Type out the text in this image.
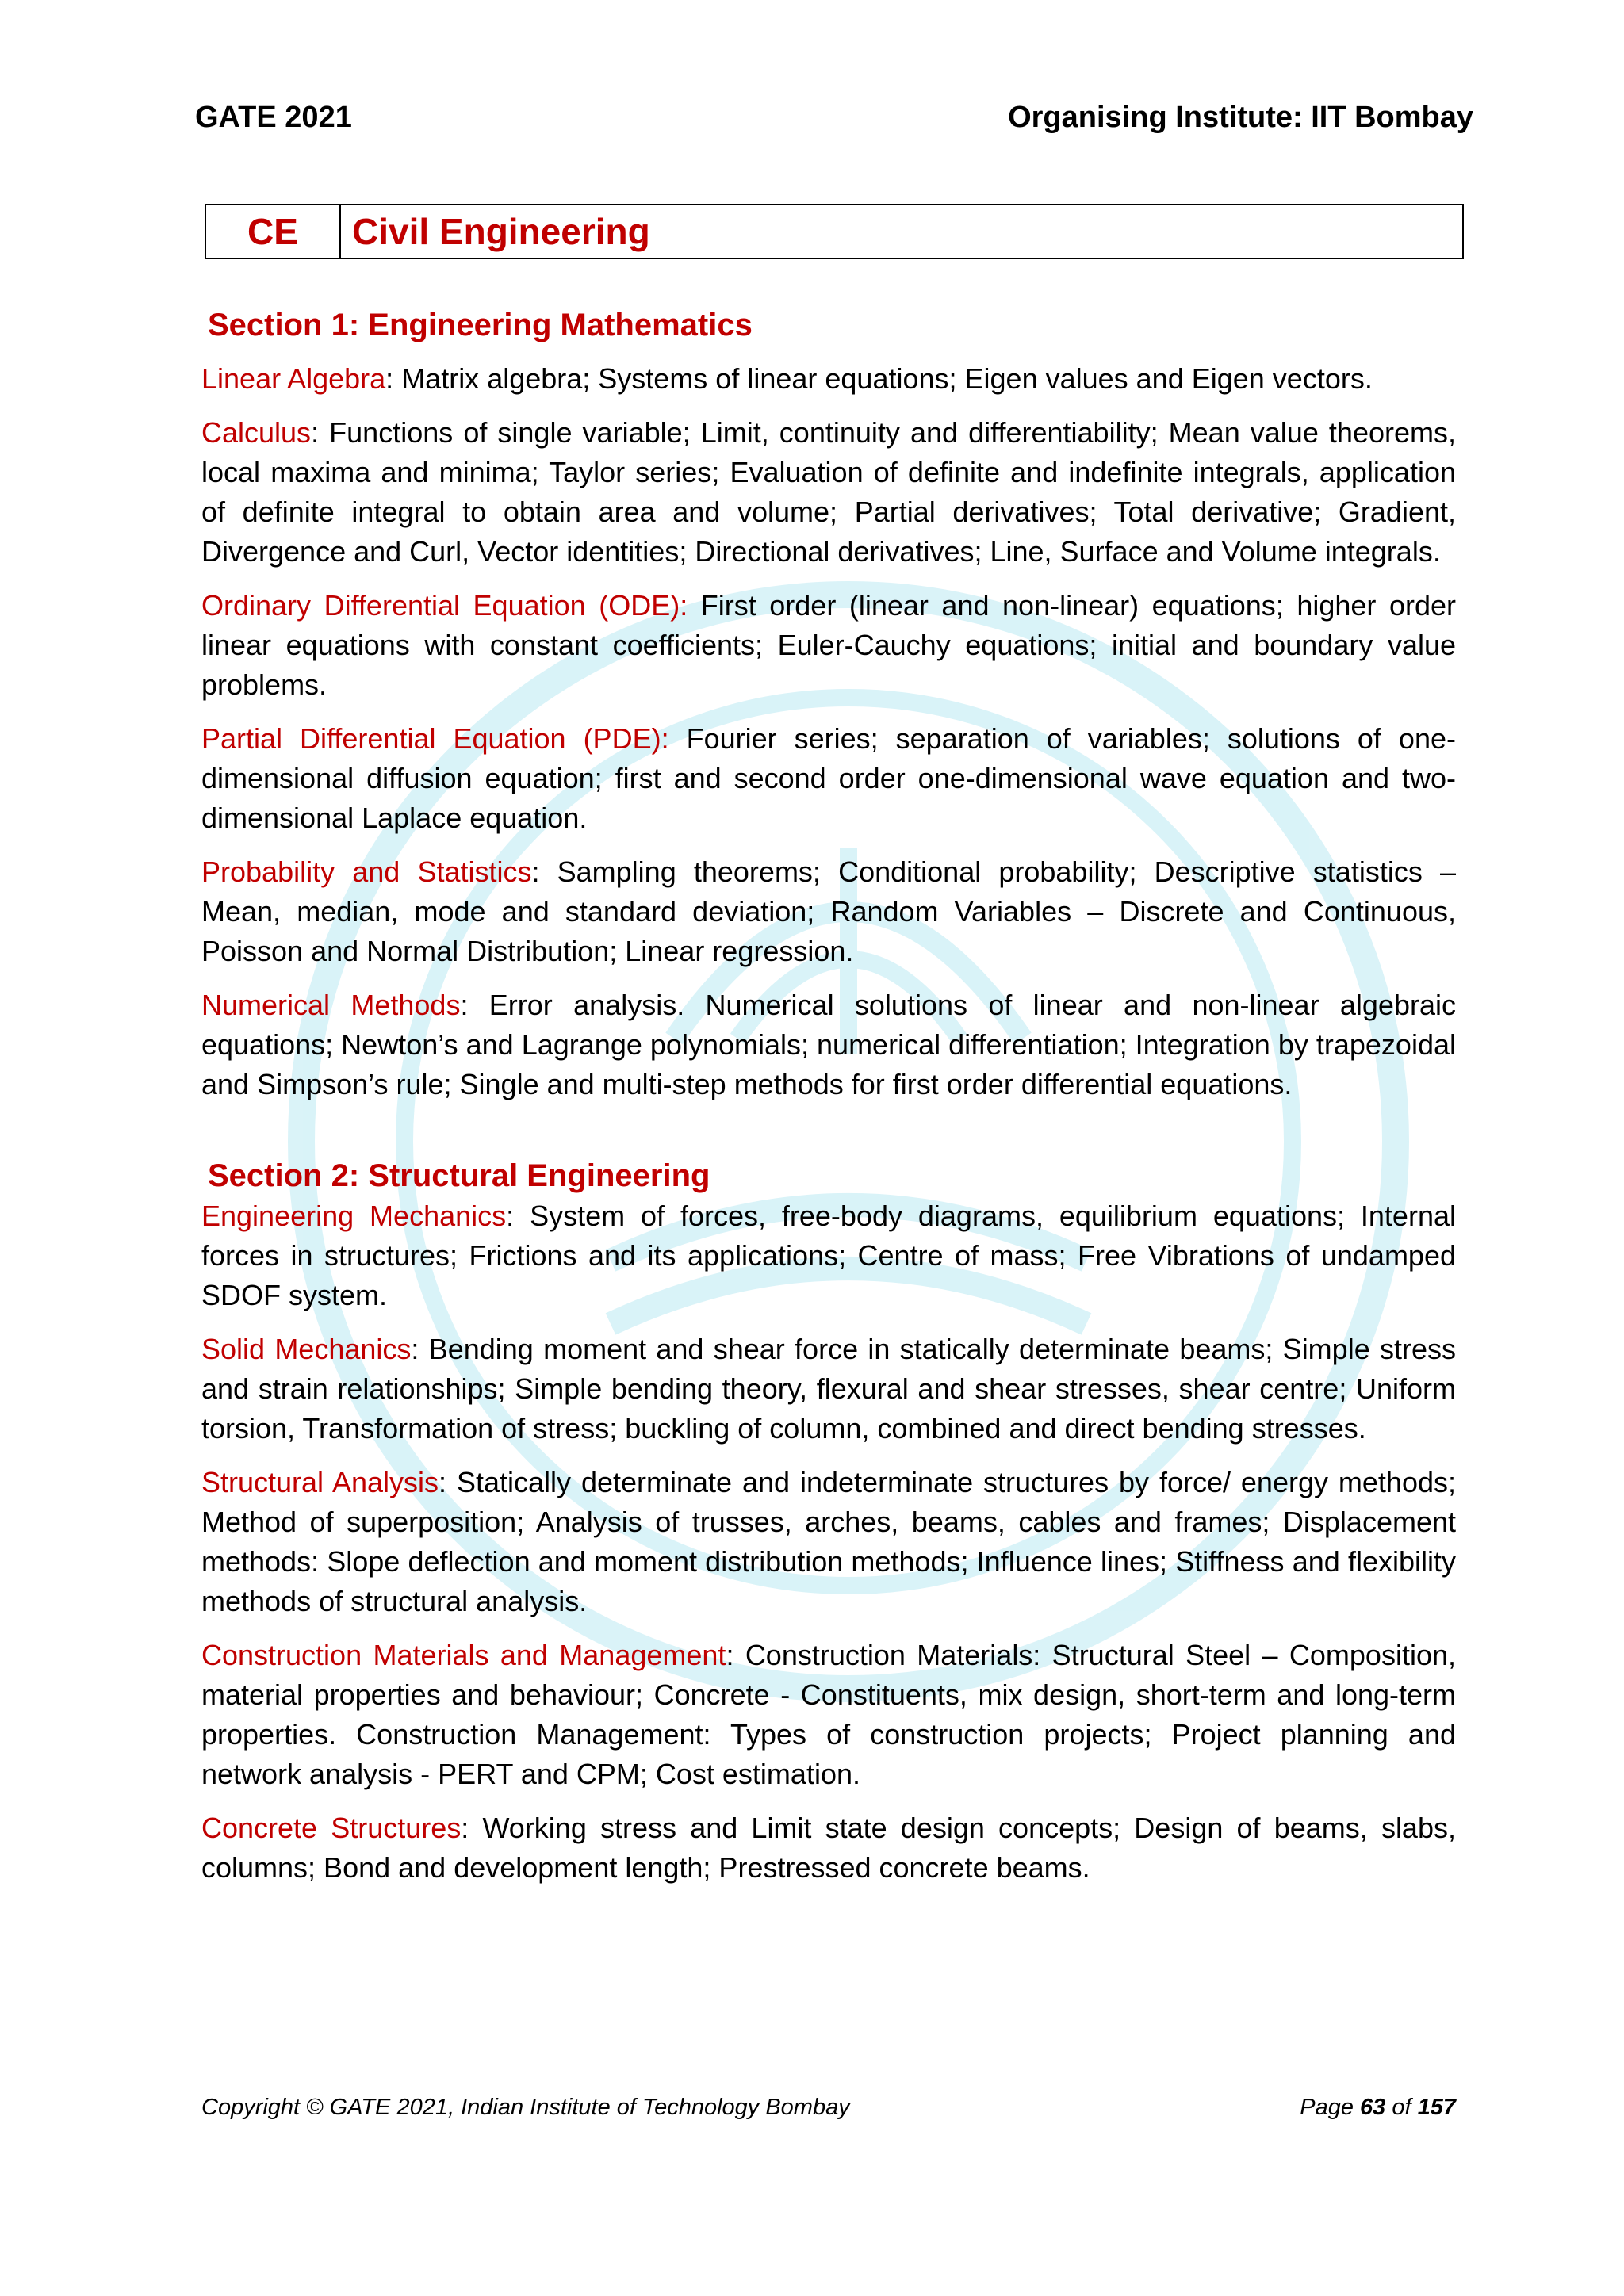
GATE 2021	Organising Institute: IIT Bombay
CE	Civil Engineering
Section 1: Engineering Mathematics

Linear Algebra: Matrix algebra; Systems of linear equations; Eigen values and Eigen vectors.

Calculus: Functions of single variable; Limit, continuity and differentiability; Mean value theorems, local maxima and minima; Taylor series; Evaluation of definite and indefinite integrals, application of definite integral to obtain area and volume; Partial derivatives; Total derivative; Gradient, Divergence and Curl, Vector identities; Directional derivatives; Line, Surface and Volume integrals.

Ordinary Differential Equation (ODE): First order (linear and non-linear) equations; higher order linear equations with constant coefficients; Euler-Cauchy equations; initial and boundary value problems.

Partial Differential Equation (PDE): Fourier series; separation of variables; solutions of one-dimensional diffusion equation; first and second order one-dimensional wave equation and two-dimensional Laplace equation.

Probability and Statistics: Sampling theorems; Conditional probability; Descriptive statistics – Mean, median, mode and standard deviation; Random Variables – Discrete and Continuous, Poisson and Normal Distribution; Linear regression.

Numerical Methods: Error analysis. Numerical solutions of linear and non-linear algebraic equations; Newton’s and Lagrange polynomials; numerical differentiation; Integration by trapezoidal and Simpson’s rule; Single and multi-step methods for first order differential equations.

Section 2: Structural Engineering

Engineering Mechanics: System of forces, free-body diagrams, equilibrium equations; Internal forces in structures; Frictions and its applications; Centre of mass; Free Vibrations of undamped SDOF system.

Solid Mechanics: Bending moment and shear force in statically determinate beams; Simple stress and strain relationships; Simple bending theory, flexural and shear stresses, shear centre; Uniform torsion, Transformation of stress; buckling of column, combined and direct bending stresses.

Structural Analysis: Statically determinate and indeterminate structures by force/ energy methods; Method of superposition; Analysis of trusses, arches, beams, cables and frames; Displacement methods: Slope deflection and moment distribution methods; Influence lines; Stiffness and flexibility methods of structural analysis.

Construction Materials and Management: Construction Materials: Structural Steel – Composition, material properties and behaviour; Concrete - Constituents, mix design, short-term and long-term properties. Construction Management: Types of construction projects; Project planning and network analysis - PERT and CPM; Cost estimation.

Concrete Structures: Working stress and Limit state design concepts; Design of beams, slabs, columns; Bond and development length; Prestressed concrete beams.

Copyright © GATE 2021, Indian Institute of Technology Bombay	Page 63 of 157
